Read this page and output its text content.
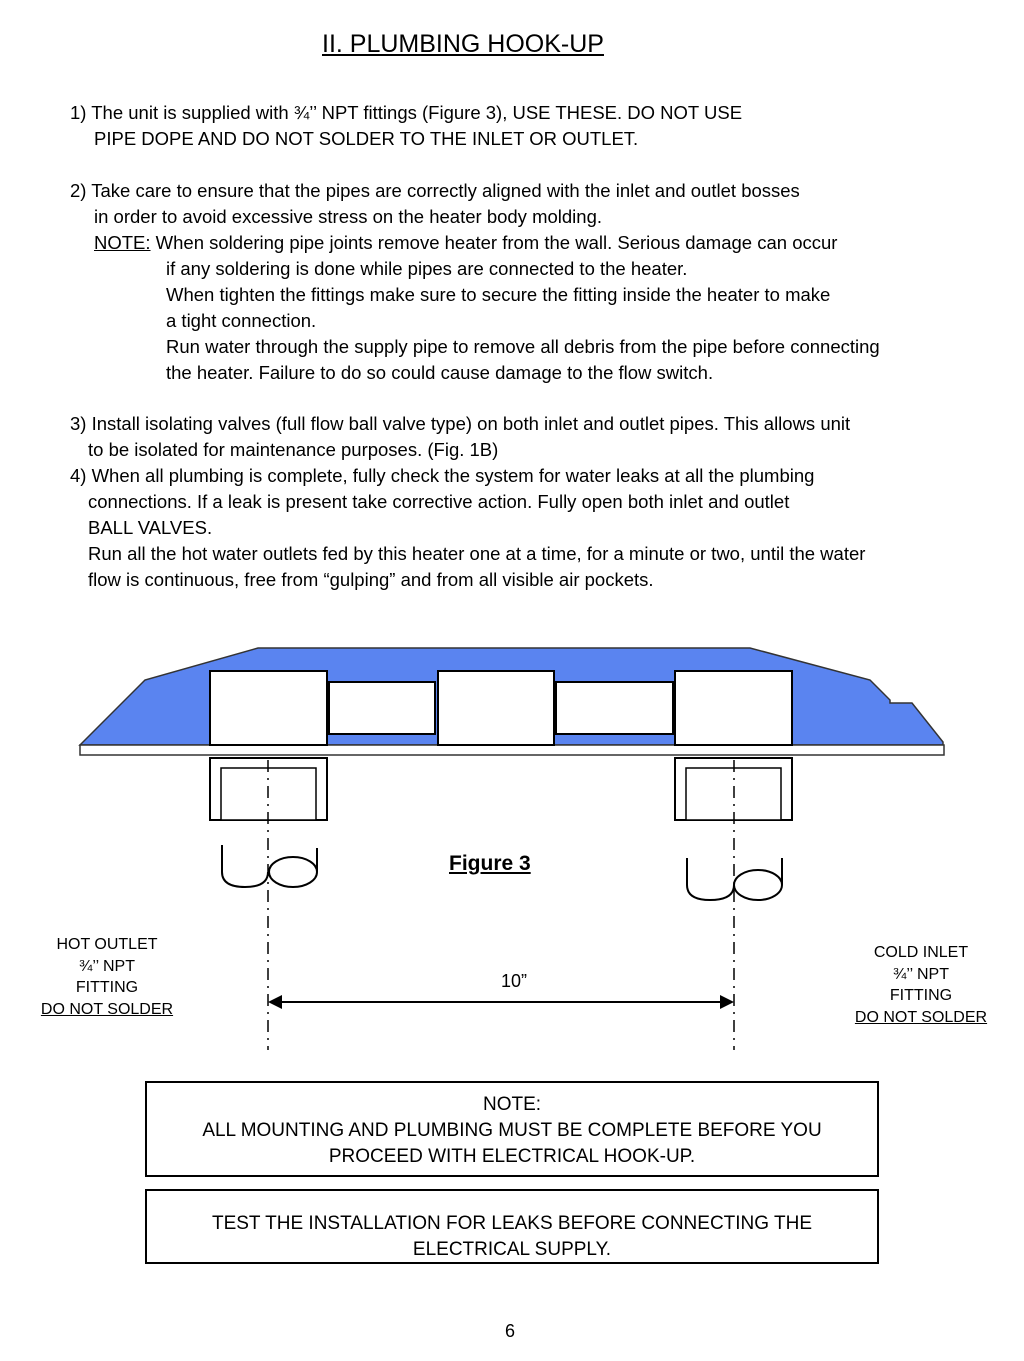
II. PLUMBING HOOK-UP
1) The unit is supplied with ¾’’ NPT fittings (Figure 3), USE THESE. DO NOT USE
PIPE DOPE AND DO NOT SOLDER TO THE INLET OR OUTLET.
2) Take care to ensure that the pipes are correctly aligned with the inlet and outlet bosses
in order to avoid excessive stress on the heater body molding.
NOTE: When soldering pipe joints remove heater from the wall. Serious damage can occur
if any soldering is done while pipes are connected to the heater.
When tighten the fittings make sure to secure the fitting inside the heater to make
a tight connection.
Run water through the supply pipe to remove all debris from the pipe before connecting
the heater. Failure to do so could cause damage to the flow switch.
3) Install isolating valves (full flow ball valve type) on both inlet and outlet pipes. This allows unit
to be isolated for maintenance purposes. (Fig. 1B)
4) When all plumbing is complete, fully check the system for water leaks at all the plumbing
connections. If a leak is present take corrective action. Fully open both inlet and outlet
BALL VALVES.
Run all the hot water outlets fed by this heater one at a time, for a minute or two, until the water
flow is continuous, free from “gulping” and from all visible air pockets.
Figure 3
10”
HOT OUTLET
¾’’ NPT
FITTING
DO NOT SOLDER
COLD INLET
¾’’ NPT
FITTING
DO NOT SOLDER
NOTE:
ALL MOUNTING AND PLUMBING MUST BE COMPLETE BEFORE YOU
PROCEED WITH ELECTRICAL HOOK-UP.
TEST THE INSTALLATION FOR LEAKS BEFORE CONNECTING THE
ELECTRICAL SUPPLY.
6
